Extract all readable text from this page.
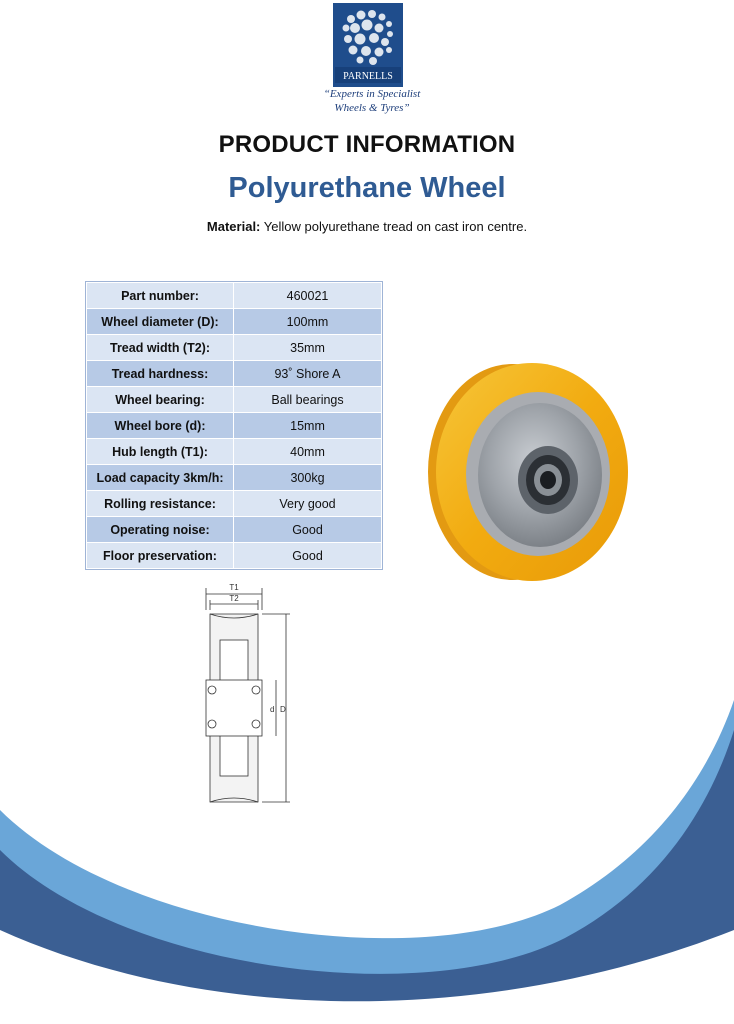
PARNELLS
“Experts in Specialist
Wheels & Tyres”
PRODUCT INFORMATION
Polyurethane Wheel
Material: Yellow polyurethane tread on cast iron centre.
Part number:	460021
Wheel diameter (D):	100mm
Tread width (T2):	35mm
Tread hardness:	93˚ Shore A
Wheel bearing:	Ball bearings
Wheel bore (d):	15mm
Hub length (T1):	40mm
Load capacity 3km/h:	300kg
Rolling resistance:	Very good
Operating noise:	Good
Floor preservation:	Good
T1
T2
d D
